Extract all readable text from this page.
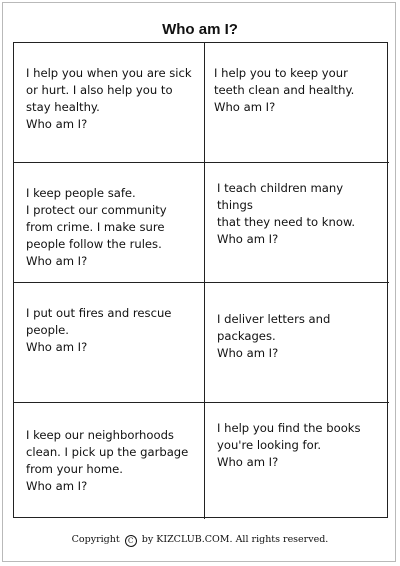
Who am I?
I help you when you are sick
or hurt. I also help you to
stay healthy.
Who am I?
I help you to keep your
teeth clean and healthy.
Who am I?
I keep people safe.
I protect our community
from crime. I make sure
people follow the rules.
Who am I?
I teach children many things
that they need to know.
Who am I?
I put out fires and rescue
people.
Who am I?
I deliver letters and packages.
Who am I?
I keep our neighborhoods
clean. I pick up the garbage
from your home.
Who am I?
I help you find the books
you're looking for.
Who am I?
Copyright C by KIZCLUB.COM. All rights reserved.
